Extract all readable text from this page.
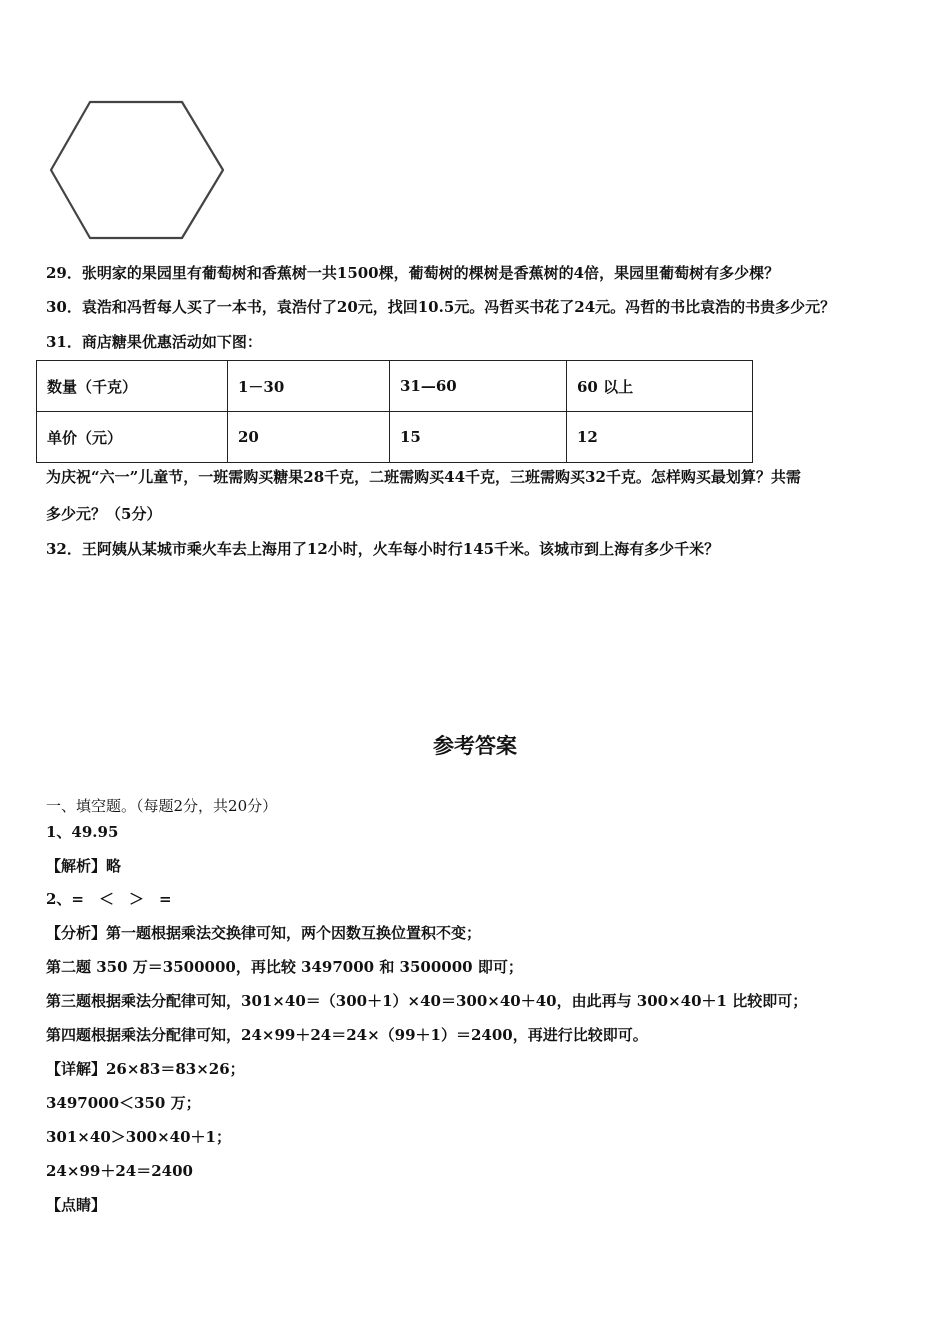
29．张明家的果园里有葡萄树和香蕉树一共1500棵，葡萄树的棵树是香蕉树的4倍，果园里葡萄树有多少棵？
30．袁浩和冯哲每人买了一本书，袁浩付了20元，找回10.5元。冯哲买书花了24元。冯哲的书比袁浩的书贵多少元？
31．商店糖果优惠活动如下图：
数量（千克）	1－30	31—60	60 以上
单价（元）	20	15	12
为庆祝“六一”儿童节，一班需购买糖果28千克，二班需购买44千克，三班需购买32千克。怎样购买最划算？共需
多少元？（5分）
32．王阿姨从某城市乘火车去上海用了12小时，火车每小时行145千米。该城市到上海有多少千米？
参考答案
一、填空题。（每题2分，共20分）
1、49.95
【解析】略
2、=　＜　＞　=
【分析】第一题根据乘法交换律可知，两个因数互换位置积不变；
第二题 350 万＝3500000，再比较 3497000 和 3500000 即可；
第三题根据乘法分配律可知，301×40＝（300＋1）×40＝300×40＋40，由此再与 300×40＋1 比较即可；
第四题根据乘法分配律可知，24×99＋24＝24×（99＋1）＝2400，再进行比较即可。
【详解】26×83＝83×26；
3497000＜350 万；
301×40＞300×40＋1；
24×99＋24＝2400
【点睛】
